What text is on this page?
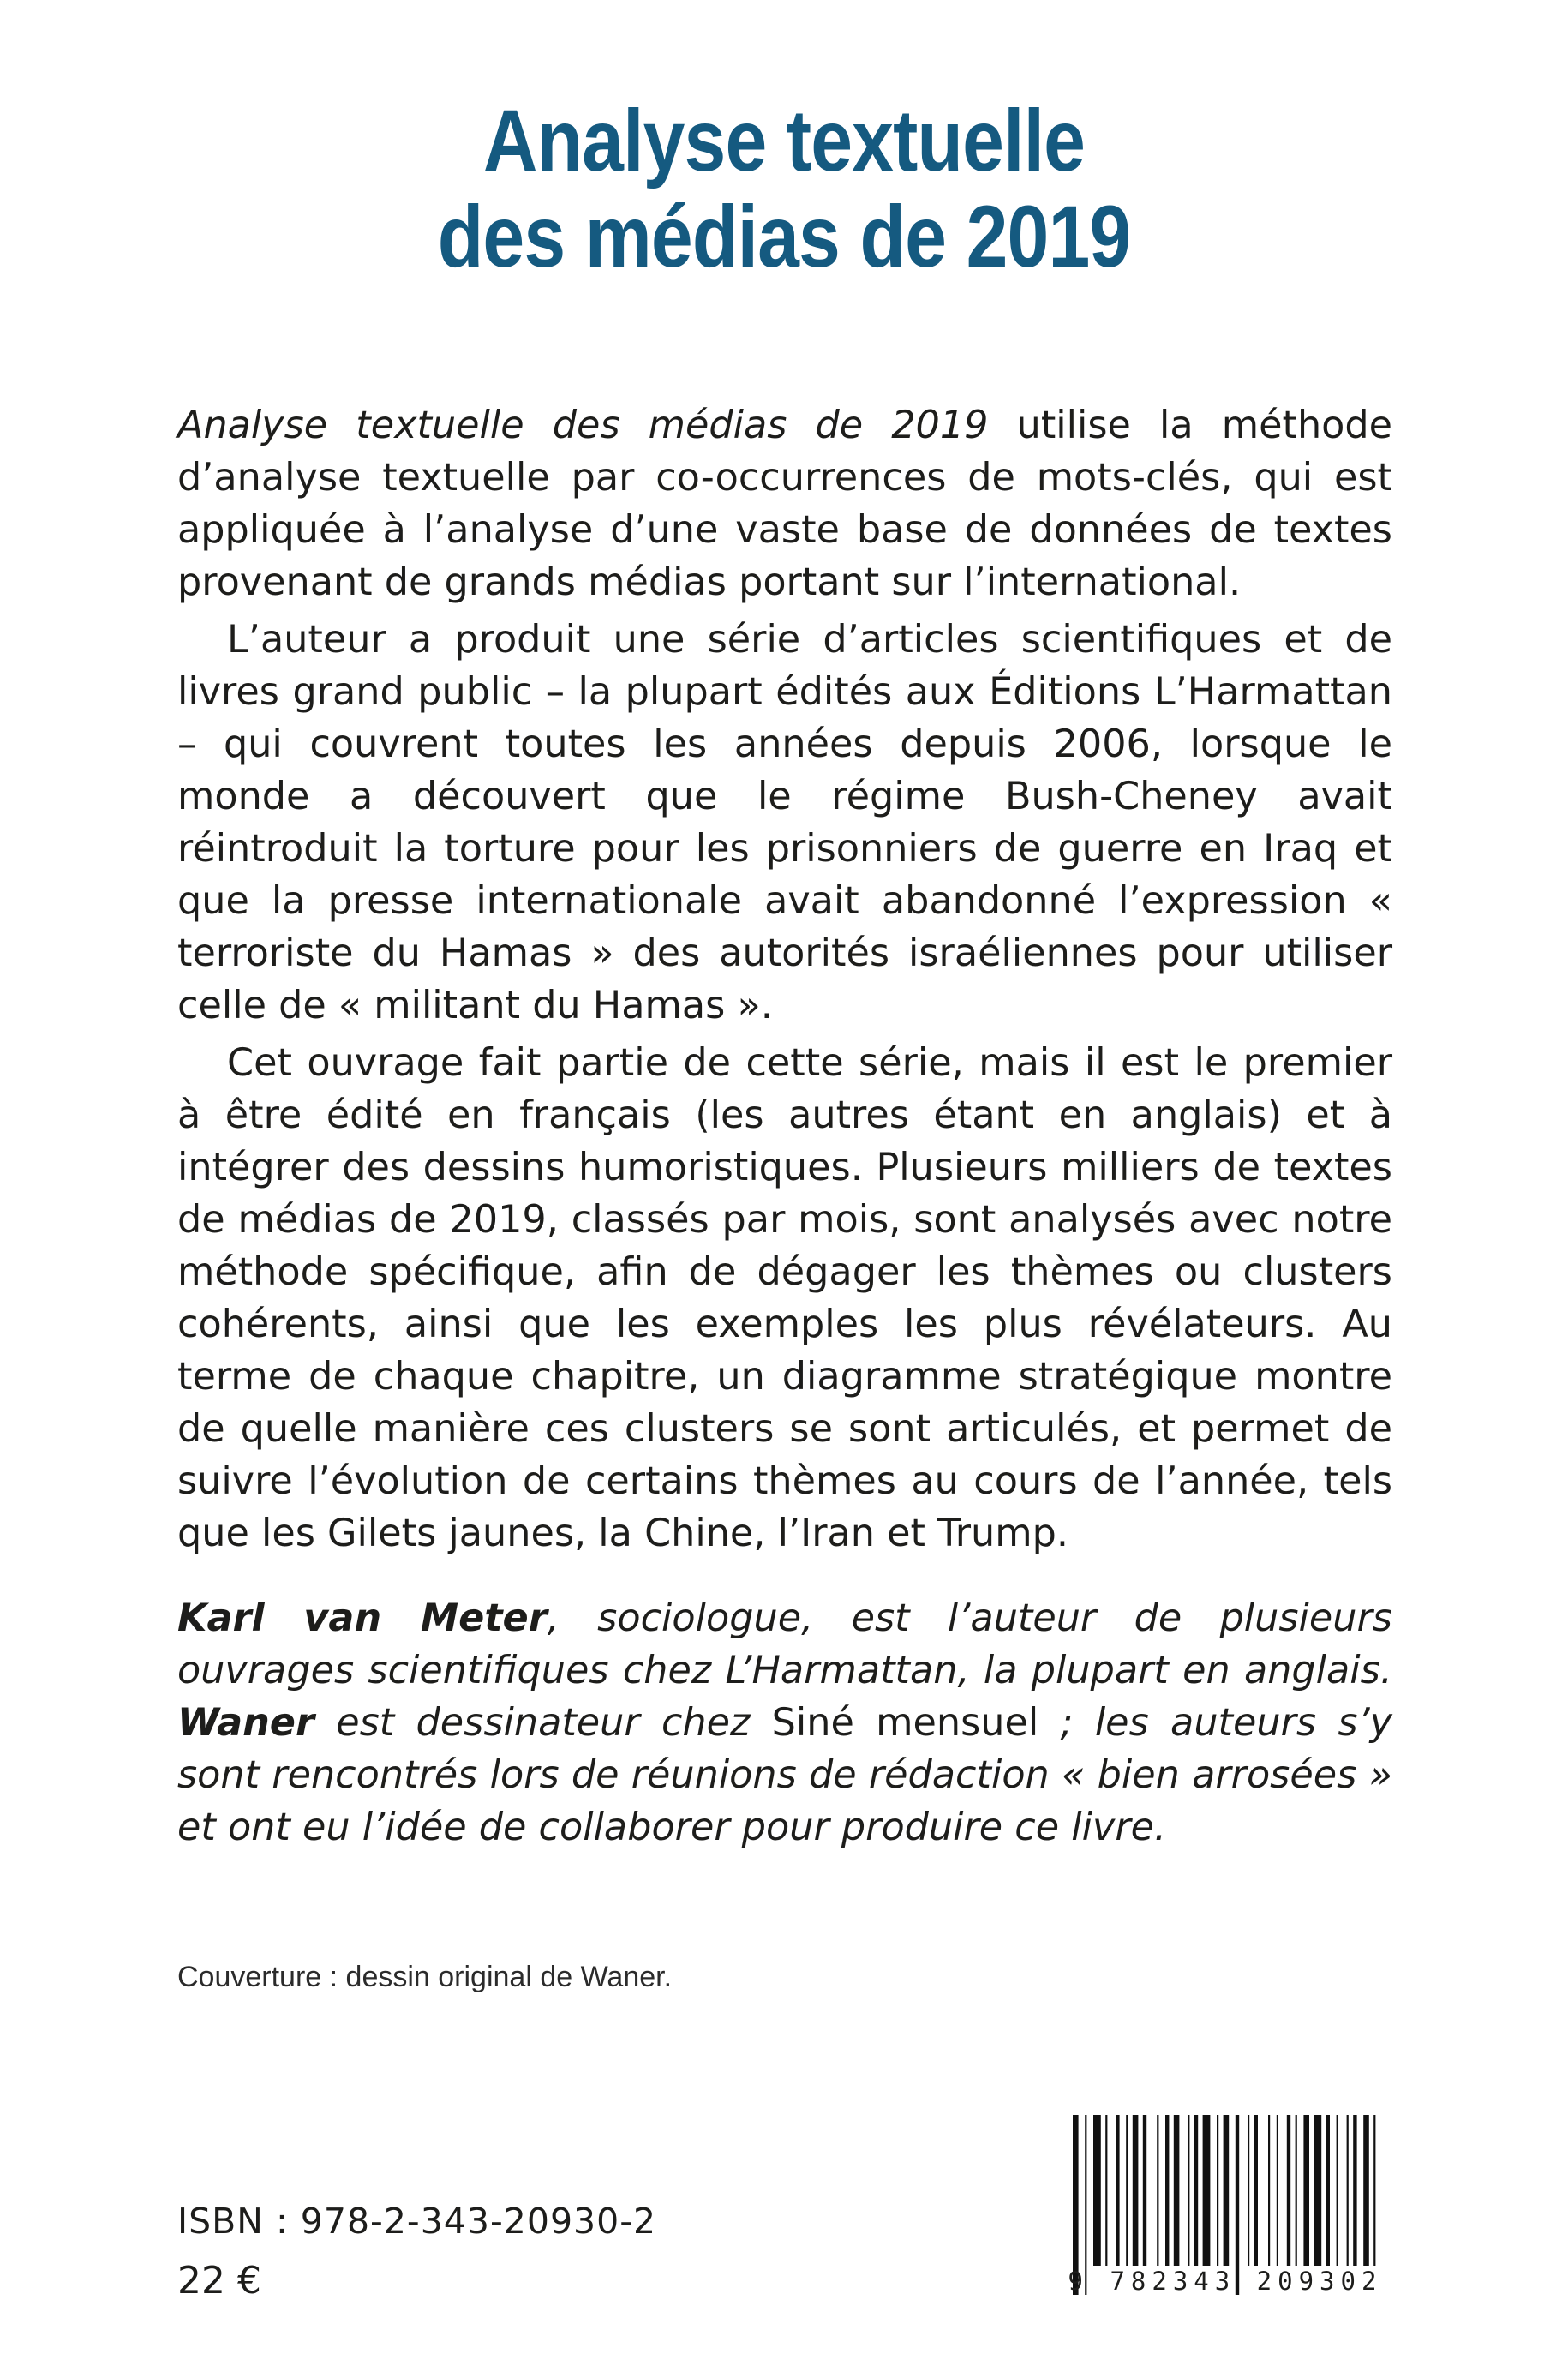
Analyse textuelle
des médias de 2019

Analyse textuelle des médias de 2019 utilise la méthode d’analyse textuelle par co-occurrences de mots-clés, qui est appliquée à l’analyse d’une vaste base de données de textes provenant de grands médias portant sur l’international.

L’auteur a produit une série d’articles scientifiques et de livres grand public – la plupart édités aux Éditions L’Harmattan – qui couvrent toutes les années depuis 2006, lorsque le monde a découvert que le régime Bush-Cheney avait réintroduit la torture pour les prisonniers de guerre en Iraq et que la presse internationale avait abandonné l’expression « terroriste du Hamas » des autorités israéliennes pour utiliser celle de « militant du Hamas ».

Cet ouvrage fait partie de cette série, mais il est le premier à être édité en français (les autres étant en anglais) et à intégrer des dessins humoristiques. Plusieurs milliers de textes de médias de 2019, classés par mois, sont analysés avec notre méthode spécifique, afin de dégager les thèmes ou clusters cohérents, ainsi que les exemples les plus révélateurs. Au terme de chaque chapitre, un diagramme stratégique montre de quelle manière ces clusters se sont articulés, et permet de suivre l’évolution de certains thèmes au cours de l’année, tels que les Gilets jaunes, la Chine, l’Iran et Trump.

Karl van Meter, sociologue, est l’auteur de plusieurs ouvrages scientifiques chez L’Harmattan, la plupart en anglais. Waner est dessinateur chez Siné mensuel ; les auteurs s’y sont rencontrés lors de réunions de rédaction « bien arrosées » et ont eu l’idée de collaborer pour produire ce livre.
Couverture : dessin original de Waner.
ISBN : 978-2-343-20930-2
22 €	9 782343 209302
